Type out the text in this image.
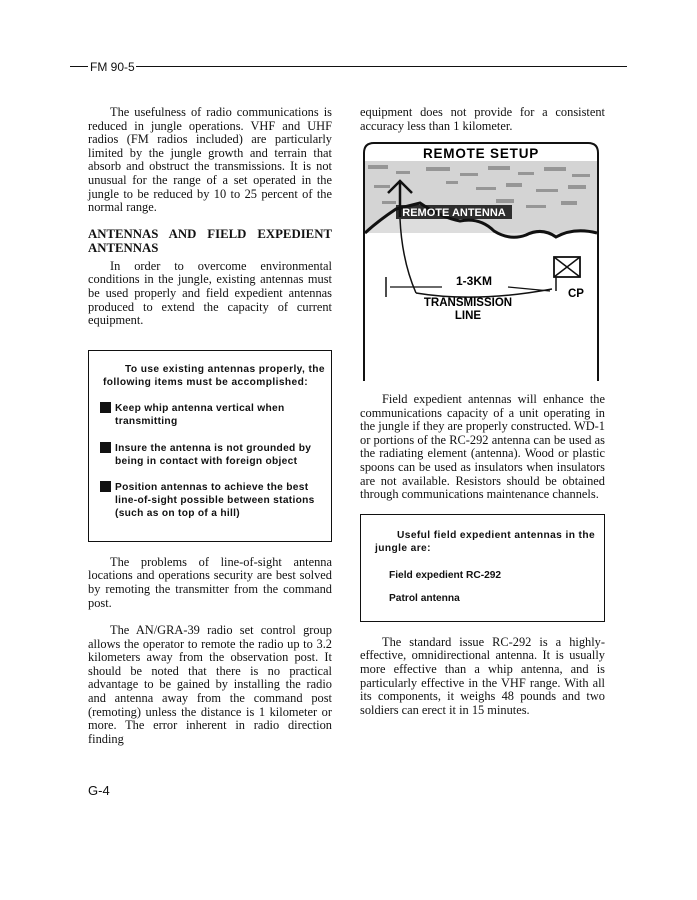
FM 90-5

The usefulness of radio communications is reduced in jungle operations. VHF and UHF radios (FM radios included) are particularly limited by the jungle growth and terrain that absorb and obstruct the transmissions. It is not unusual for the range of a set operated in the jungle to be reduced by 10 to 25 percent of the normal range.

ANTENNAS AND FIELD EXPEDIENT ANTENNAS

In order to overcome environmental conditions in the jungle, existing antennas must be used properly and field expedient antennas produced to extend the capacity of current equipment.

To use existing antennas properly, the following items must be accomplished:
Keep whip antenna vertical when transmitting
Insure the antenna is not grounded by being in contact with foreign object
Position antennas to achieve the best line-of-sight possible between stations (such as on top of a hill)

The problems of line-of-sight antenna locations and operations security are best solved by remoting the transmitter from the command post.

The AN/GRA-39 radio set control group allows the operator to remote the radio up to 3.2 kilometers away from the observation post. It should be noted that there is no practical advantage to be gained by installing the radio and antenna away from the command post (remoting) unless the distance is 1 kilometer or more. The error inherent in radio direction finding

equipment does not provide for a consistent accuracy less than 1 kilometer.

REMOTE SETUP
REMOTE ANTENNA
1-3KM
TRANSMISSION
LINE
CP

Field expedient antennas will enhance the communications capacity of a unit operating in the jungle if they are properly constructed. WD-1 or portions of the RC-292 antenna can be used as the radiating element (antenna). Wood or plastic spoons can be used as insulators when insulators are not available. Resistors should be obtained through communications maintenance channels.

Useful field expedient antennas in the jungle are:
Field expedient RC-292
Patrol antenna

The standard issue RC-292 is a highly-effective, omnidirectional antenna. It is usually more effective than a whip antenna, and is particularly effective in the VHF range. With all its components, it weighs 48 pounds and two soldiers can erect it in 15 minutes.

G-4
